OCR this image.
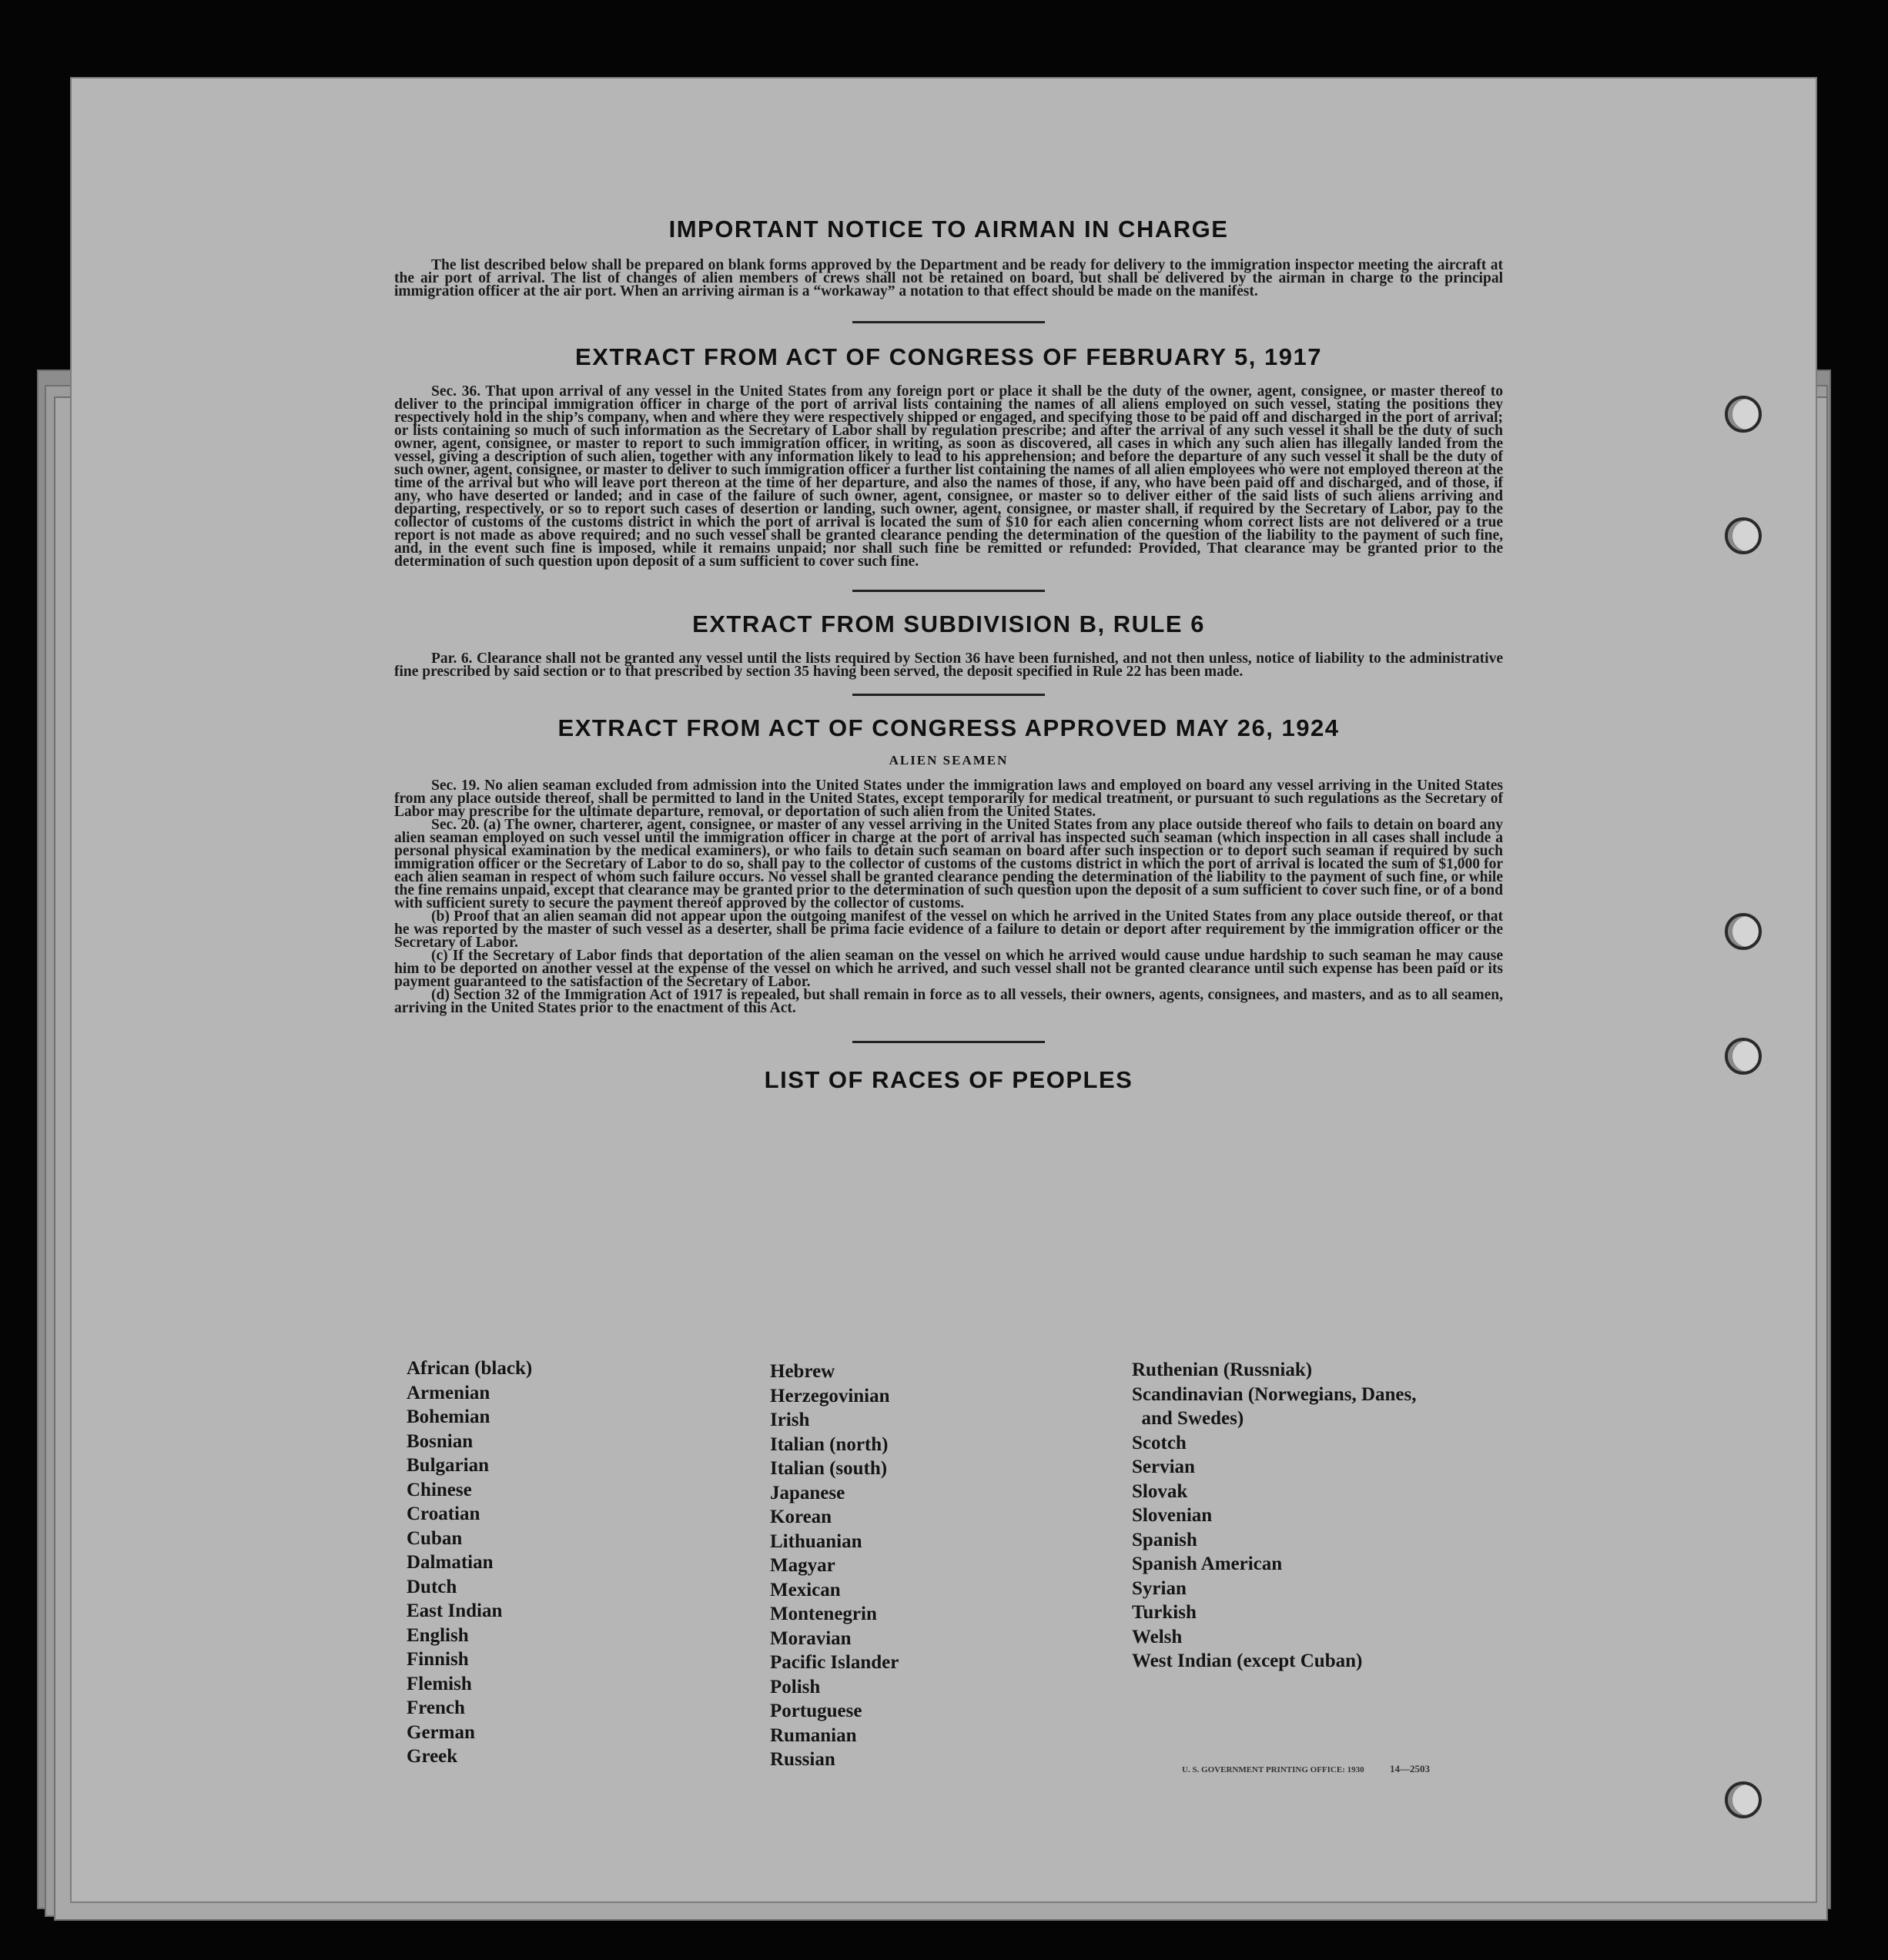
IMPORTANT NOTICE TO AIRMAN IN CHARGE

The list described below shall be prepared on blank forms approved by the Department and be ready for delivery to the immigration inspector meeting the aircraft at the air port of arrival. The list of changes of alien members of crews shall not be retained on board, but shall be delivered by the airman in charge to the principal immigration officer at the air port. When an arriving airman is a “workaway” a notation to that effect should be made on the manifest.

EXTRACT FROM ACT OF CONGRESS OF FEBRUARY 5, 1917

Sec. 36. That upon arrival of any vessel in the United States from any foreign port or place it shall be the duty of the owner, agent, consignee, or master thereof to deliver to the principal immigration officer in charge of the port of arrival lists containing the names of all aliens employed on such vessel, stating the positions they respectively hold in the ship’s company, when and where they were respectively shipped or engaged, and specifying those to be paid off and discharged in the port of arrival; or lists containing so much of such information as the Secretary of Labor shall by regulation prescribe; and after the arrival of any such vessel it shall be the duty of such owner, agent, consignee, or master to report to such immigration officer, in writing, as soon as discovered, all cases in which any such alien has illegally landed from the vessel, giving a description of such alien, together with any information likely to lead to his apprehension; and before the departure of any such vessel it shall be the duty of such owner, agent, consignee, or master to deliver to such immigration officer a further list containing the names of all alien employees who were not employed thereon at the time of the arrival but who will leave port thereon at the time of her departure, and also the names of those, if any, who have been paid off and discharged, and of those, if any, who have deserted or landed; and in case of the failure of such owner, agent, consignee, or master so to deliver either of the said lists of such aliens arriving and departing, respectively, or so to report such cases of desertion or landing, such owner, agent, consignee, or master shall, if required by the Secretary of Labor, pay to the collector of customs of the customs district in which the port of arrival is located the sum of $10 for each alien concerning whom correct lists are not delivered or a true report is not made as above required; and no such vessel shall be granted clearance pending the determination of the question of the liability to the payment of such fine, and, in the event such fine is imposed, while it remains unpaid; nor shall such fine be remitted or refunded: Provided, That clearance may be granted prior to the determination of such question upon deposit of a sum sufficient to cover such fine.

EXTRACT FROM SUBDIVISION B, RULE 6

Par. 6. Clearance shall not be granted any vessel until the lists required by Section 36 have been furnished, and not then unless, notice of liability to the administrative fine prescribed by said section or to that prescribed by section 35 having been served, the deposit specified in Rule 22 has been made.

EXTRACT FROM ACT OF CONGRESS APPROVED MAY 26, 1924

ALIEN SEAMEN

Sec. 19. No alien seaman excluded from admission into the United States under the immigration laws and employed on board any vessel arriving in the United States from any place outside thereof, shall be permitted to land in the United States, except temporarily for medical treatment, or pursuant to such regulations as the Secretary of Labor may prescribe for the ultimate departure, removal, or deportation of such alien from the United States.

Sec. 20. (a) The owner, charterer, agent, consignee, or master of any vessel arriving in the United States from any place outside thereof who fails to detain on board any alien seaman employed on such vessel until the immigration officer in charge at the port of arrival has inspected such seaman (which inspection in all cases shall include a personal physical examination by the medical examiners), or who fails to detain such seaman on board after such inspection or to deport such seaman if required by such immigration officer or the Secretary of Labor to do so, shall pay to the collector of customs of the customs district in which the port of arrival is located the sum of $1,000 for each alien seaman in respect of whom such failure occurs. No vessel shall be granted clearance pending the determination of the liability to the payment of such fine, or while the fine remains unpaid, except that clearance may be granted prior to the determination of such question upon the deposit of a sum sufficient to cover such fine, or of a bond with sufficient surety to secure the payment thereof approved by the collector of customs.

(b) Proof that an alien seaman did not appear upon the outgoing manifest of the vessel on which he arrived in the United States from any place outside thereof, or that he was reported by the master of such vessel as a deserter, shall be prima facie evidence of a failure to detain or deport after requirement by the immigration officer or the Secretary of Labor.

(c) If the Secretary of Labor finds that deportation of the alien seaman on the vessel on which he arrived would cause undue hardship to such seaman he may cause him to be deported on another vessel at the expense of the vessel on which he arrived, and such vessel shall not be granted clearance until such expense has been paid or its payment guaranteed to the satisfaction of the Secretary of Labor.

(d) Section 32 of the Immigration Act of 1917 is repealed, but shall remain in force as to all vessels, their owners, agents, consignees, and masters, and as to all seamen, arriving in the United States prior to the enactment of this Act.

LIST OF RACES OF PEOPLES
African (black)
Armenian
Bohemian
Bosnian
Bulgarian
Chinese
Croatian
Cuban
Dalmatian
Dutch
East Indian
English
Finnish
Flemish
French
German
Greek
Hebrew
Herzegovinian
Irish
Italian (north)
Italian (south)
Japanese
Korean
Lithuanian
Magyar
Mexican
Montenegrin
Moravian
Pacific Islander
Polish
Portuguese
Rumanian
Russian
Ruthenian (Russniak)
Scandinavian (Norwegians, Danes,
and Swedes)
Scotch
Servian
Slovak
Slovenian
Spanish
Spanish American
Syrian
Turkish
Welsh
West Indian (except Cuban)
U. S. GOVERNMENT PRINTING OFFICE: 1930	14—2503
